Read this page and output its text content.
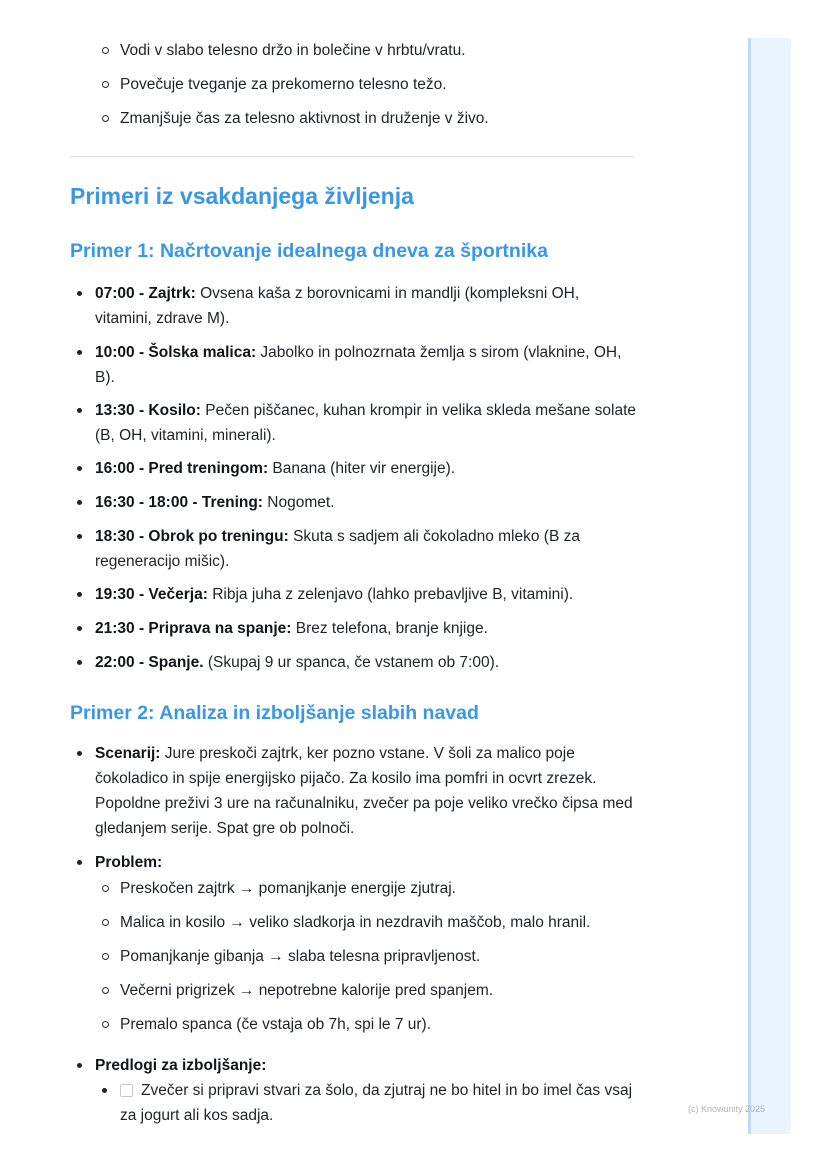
(c) Knowunity 2025
Vodi v slabo telesno držo in bolečine v hrbtu/vratu.
Povečuje tveganje za prekomerno telesno težo.
Zmanjšuje čas za telesno aktivnost in druženje v živo.
Primeri iz vsakdanjega življenja
Primer 1: Načrtovanje idealnega dneva za športnika
07:00 - Zajtrk: Ovsena kaša z borovnicami in mandlji (kompleksni OH, vitamini, zdrave M).
10:00 - Šolska malica: Jabolko in polnozrnata žemlja s sirom (vlaknine, OH, B).
13:30 - Kosilo: Pečen piščanec, kuhan krompir in velika skleda mešane solate (B, OH, vitamini, minerali).
16:00 - Pred treningom: Banana (hiter vir energije).
16:30 - 18:00 - Trening: Nogomet.
18:30 - Obrok po treningu: Skuta s sadjem ali čokoladno mleko (B za regeneracijo mišic).
19:30 - Večerja: Ribja juha z zelenjavo (lahko prebavljive B, vitamini).
21:30 - Priprava na spanje: Brez telefona, branje knjige.
22:00 - Spanje. (Skupaj 9 ur spanca, če vstanem ob 7:00).
Primer 2: Analiza in izboljšanje slabih navad
Scenarij: Jure preskoči zajtrk, ker pozno vstane. V šoli za malico poje čokoladico in spije energijsko pijačo. Za kosilo ima pomfri in ocvrt zrezek. Popoldne preživi 3 ure na računalniku, zvečer pa poje veliko vrečko čipsa med gledanjem serije. Spat gre ob polnoči.
Problem:
Preskočen zajtrk → pomanjkanje energije zjutraj.
Malica in kosilo → veliko sladkorja in nezdravih maščob, malo hranil.
Pomanjkanje gibanja → slaba telesna pripravljenost.
Večerni prigrizek → nepotrebne kalorije pred spanjem.
Premalo spanca (če vstaja ob 7h, spi le 7 ur).
Predlogi za izboljšanje:
Zvečer si pripravi stvari za šolo, da zjutraj ne bo hitel in bo imel čas vsaj za jogurt ali kos sadja.
